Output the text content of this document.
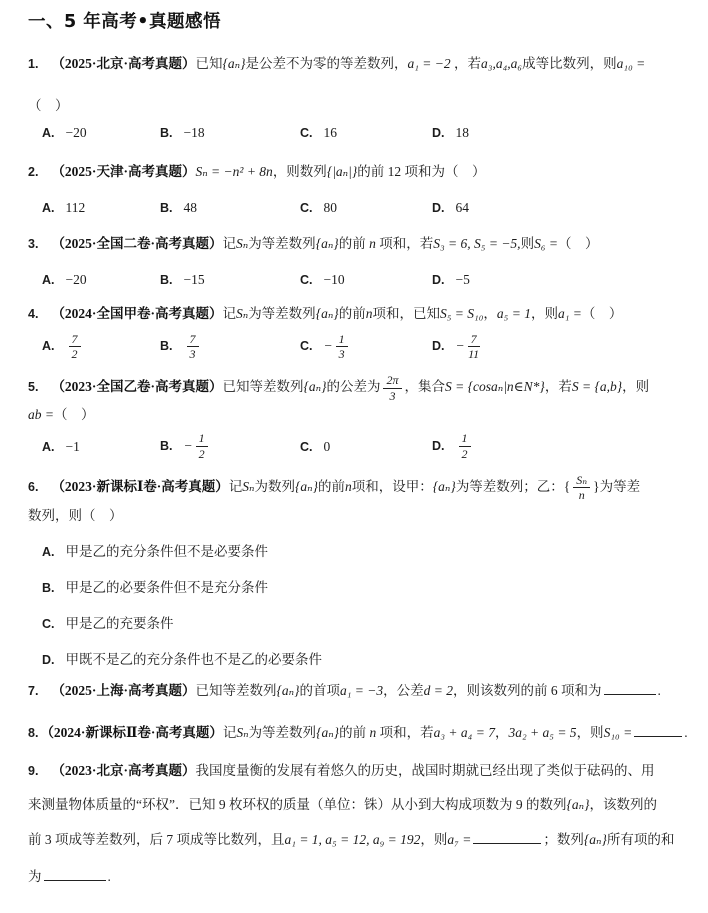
一、5 年高考•真题感悟
1. （2025·北京·高考真题）已知{aₙ}是公差不为零的等差数列，a₁ = −2 ，若a₃,a₄,a₆成等比数列，则a₁₀ =
（　）
A. −20	B. −18	C. 16	D. 18
2. （2025·天津·高考真题）Sₙ = −n² + 8n，则数列{|aₙ|}的前 12 项和为（　）
A. 112	B. 48	C. 80	D. 64
3. （2025·全国二卷·高考真题）记Sₙ为等差数列{aₙ}的前 n 项和，若S₃ = 6, S₅ = −5,则S₆ =（　）
A. −20	B. −15	C. −10	D. −5
4. （2024·全国甲卷·高考真题）记Sₙ为等差数列{aₙ}的前n项和，已知S₅ = S₁₀，a₅ = 1，则a₁ =（　）
A. $\frac{7}{2}$	B. $\frac{7}{3}$	C. − $\frac{1}{3}$	D. − $\frac{7}{11}$
5. （2023·全国乙卷·高考真题）已知等差数列{aₙ}的公差为 $\frac{2\pi}{3}$ ，集合S = {cosaₙ|n∈N*}，若S = {a,b}，则
ab =（　）
A. −1	B. − $\frac{1}{2}$	C. 0	D. $\frac{1}{2}$
6. （2023·新课标Ⅰ卷·高考真题）记Sₙ为数列{aₙ}的前n项和，设甲：{aₙ}为等差数列；乙：{ $\frac{\text{Sₙ}}{n}$ }为等差
数列，则（　）
A. 甲是乙的充分条件但不是必要条件
B. 甲是乙的必要条件但不是充分条件
C. 甲是乙的充要条件
D. 甲既不是乙的充分条件也不是乙的必要条件
7. （2025·上海·高考真题）已知等差数列{aₙ}的首项a₁ = −3，公差d = 2，则该数列的前 6 项和为	.
8. （2024·新课标Ⅱ卷·高考真题）记Sₙ为等差数列{aₙ}的前 n 项和，若a₃ + a₄ = 7，3a₂ + a₅ = 5，则S₁₀ =	.
9. （2023·北京·高考真题）我国度量衡的发展有着悠久的历史，战国时期就已经出现了类似于砝码的、用
来测量物体质量的“环权”．已知 9 枚环权的质量（单位：铢）从小到大构成项数为 9 的数列{aₙ}，该数列的
前 3 项成等差数列，后 7 项成等比数列，且a₁ = 1, a₅ = 12, a₉ = 192，则a₇ =	；数列{aₙ}所有项的和
为	.
